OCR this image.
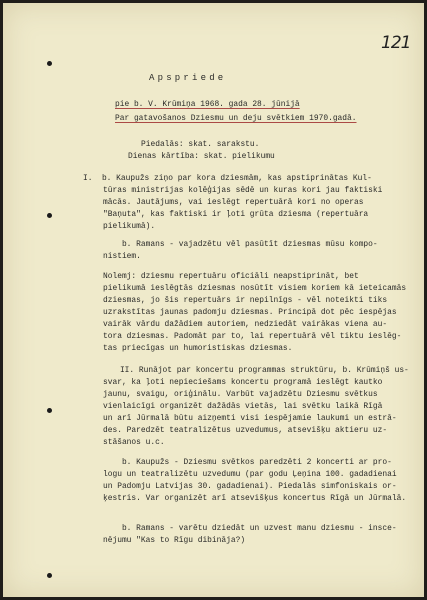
121
Apspriede
pie b. V. Krūmiņa 1968. gada 28. jūnijā
Par gatavošanos Dziesmu un deju svētkiem 1970.gadā.
Piedalās: skat. sarakstu.
Dienas kārtība: skat. pielikumu
I.  b. Kaupužs ziņo par kora dziesmām, kas apstiprinātas Kul-
tūras ministrijas kolēģijas sēdē un kuras kori jau faktiski
mācās. Jautājums, vai ieslēgt repertuārā kori no operas
"Baņuta", kas faktiski ir ļoti grūta dziesma (repertuāra
pielikumā).
b. Ramans - vajadzētu vēl pasūtīt dziesmas mūsu kompo-
nistiem.
Nolemj: dziesmu repertuāru oficiāli neapstiprināt, bet
pielikumā ieslēgtās dziesmas nosūtīt visiem koriem kā ieteicamās
dziesmas, jo šis repertuārs ir nepilnīgs - vēl noteikti tiks
uzrakstītas jaunas padomju dziesmas. Principā dot pēc iespējas
vairāk vārdu dažādiem autoriem, nedziedāt vairākas viena au-
tora dziesmas. Padomāt par to, lai repertuārā vēl tiktu ieslēg-
tas priecīgas un humoristiskas dziesmas.
II. Runājot par koncertu programmas struktūru, b. Krūmiņš us-
svar, ka ļoti nepieciešams koncertu programā ieslēgt kautko
jaunu, svaigu, oriģinālu. Varbūt vajadzētu Dziesmu svētkus
vienlaicīgi organizēt dažādās vietās, lai svētku laikā Rīgā
un arī Jūrmalā būtu aizņemti visi iespējamie laukumi un estrā-
des. Paredzēt teatralizētus uzvedumus, atsevišķu aktieru uz-
stāšanos u.c.
b. Kaupužs - Dziesmu svētkos paredzēti 2 koncerti ar pro-
logu un teatralizētu uzvedumu (par godu Ļeņina 100. gadadienai
un Padomju Latvijas 30. gadadienai). Piedalās simfoniskais or-
ķestris. Var organizēt arī atsevišķus koncertus Rīgā un Jūrmalā.
b. Ramans - varētu dziedāt un uzvest manu dziesmu - insce-
nējumu "Kas to Rīgu dibināja?)
